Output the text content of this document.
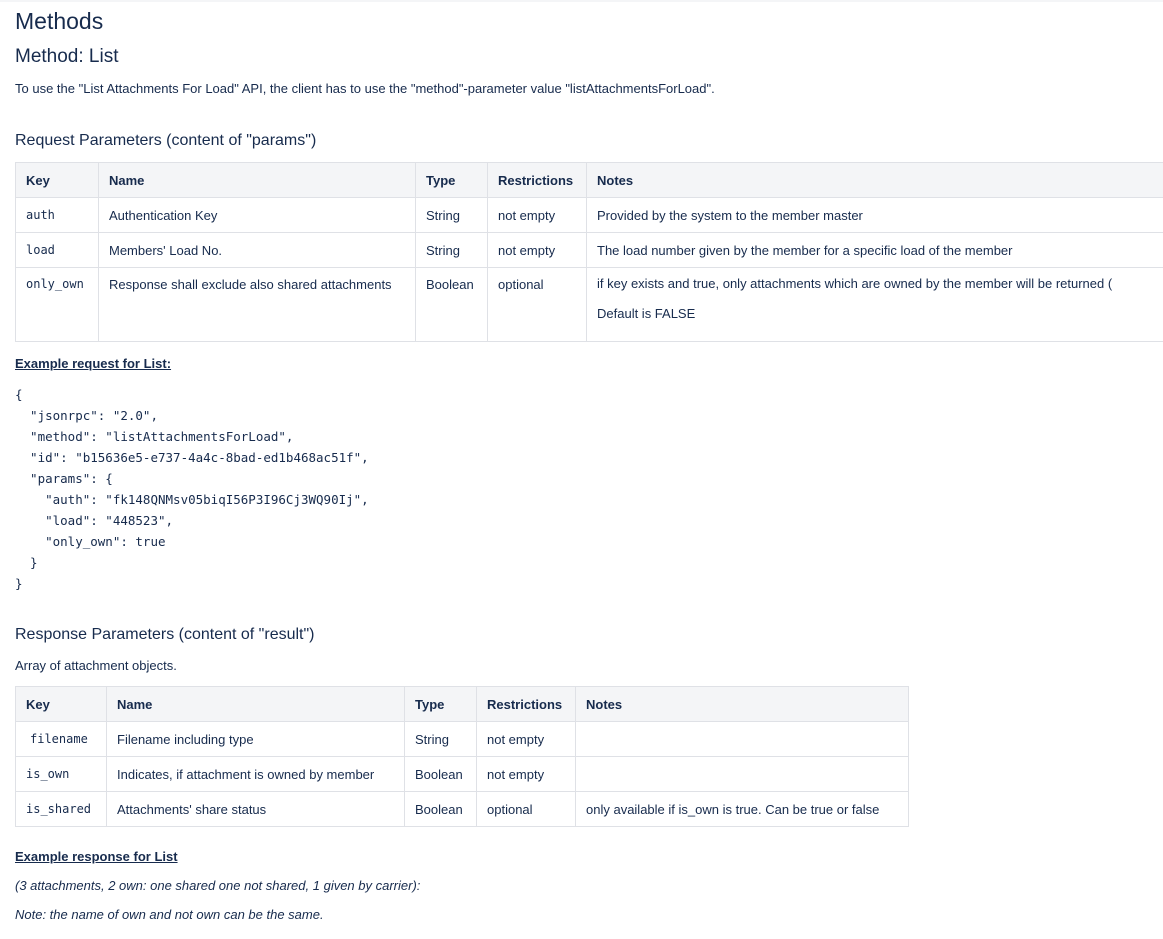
Methods
Method: List
To use the "List Attachments For Load" API, the client has to use the "method"-parameter value "listAttachmentsForLoad".
Request Parameters (content of "params")
Key	Name	Type	Restrictions	Notes
auth	Authentication Key	String	not empty	Provided by the system to the member master
load	Members' Load No.	String	not empty	The load number given by the member for a specific load of the member
only_own	Response shall exclude also shared attachments	Boolean	optional	if key exists and true, only attachments which are owned by the member will be returned (
Default is FALSE
Example request for List:
{
"jsonrpc": "2.0",
"method": "listAttachmentsForLoad",
"id": "b15636e5-e737-4a4c-8bad-ed1b468ac51f",
"params": {
"auth": "fk148QNMsv05biqI56P3I96Cj3WQ90Ij",
"load": "448523",
"only_own": true
}
}
Response Parameters (content of "result")
Array of attachment objects.
Key	Name	Type	Restrictions	Notes
filename	Filename including type	String	not empty	
is_own	Indicates, if attachment is owned by member	Boolean	not empty	
is_shared	Attachments' share status	Boolean	optional	only available if is_own is true. Can be true or false
Example response for List
(3 attachments, 2 own: one shared one not shared, 1 given by carrier):
Note: the name of own and not own can be the same.
